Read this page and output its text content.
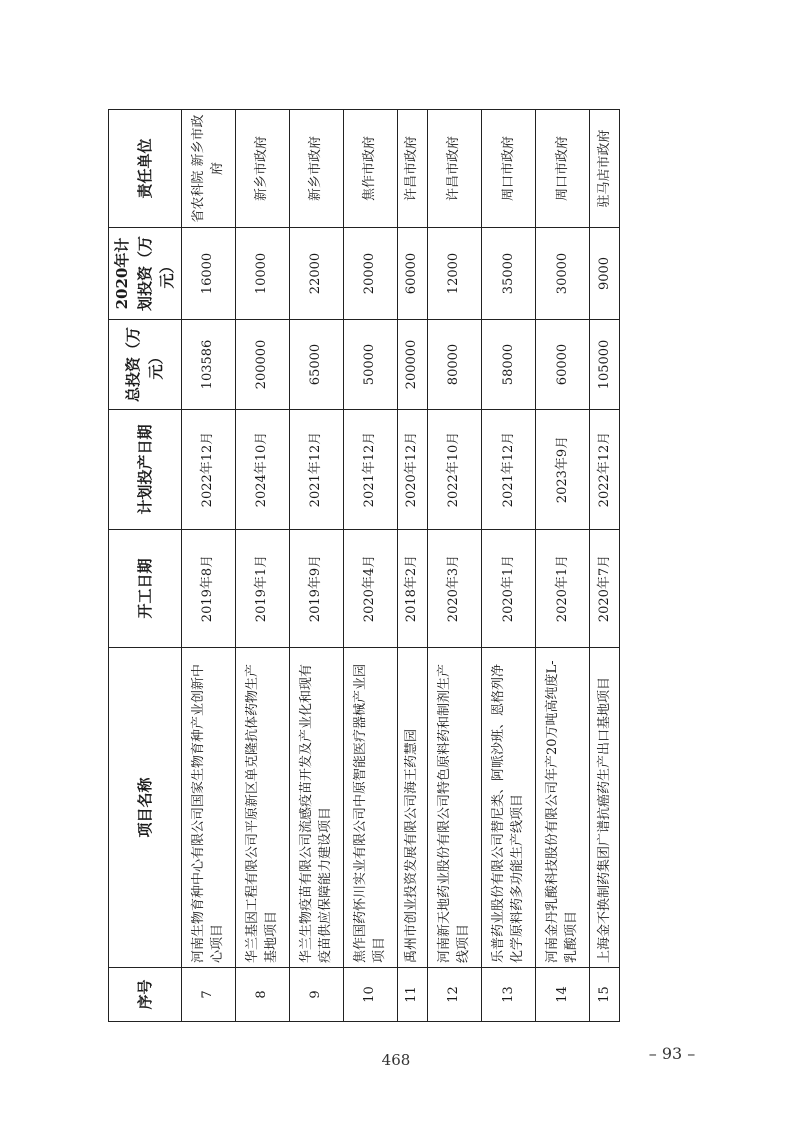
序号	项目名称	开工日期	计划投产日期	总投资（万元）	2020年计划投资（万元）	责任单位
7	河南生物育种中心有限公司国家生物育种产业创新中心项目	2019年8月	2022年12月	103586	16000	省农科院 新乡市政府
8	华兰基因工程有限公司平原新区单克隆抗体药物生产基地项目	2019年1月	2024年10月	200000	10000	新乡市政府
9	华兰生物疫苗有限公司流感疫苗开发及产业化和现有疫苗供应保障能力建设项目	2019年9月	2021年12月	65000	22000	新乡市政府
10	焦作国药怀川实业有限公司中原智能医疗器械产业园项目	2020年4月	2021年12月	50000	20000	焦作市政府
11	禹州市创业投资发展有限公司海王药慧园	2018年2月	2020年12月	200000	60000	许昌市政府
12	河南新天地药业股份有限公司特色原料药和制剂生产线项目	2020年3月	2022年10月	80000	12000	许昌市政府
13	乐普药业股份有限公司替尼类、阿哌沙班、恩格列净化学原料药多功能生产线项目	2020年1月	2021年12月	58000	35000	周口市政府
14	河南金丹乳酸科技股份有限公司年产20万吨高纯度L-乳酸项目	2020年1月	2023年9月	60000	30000	周口市政府
15	上海金不换制药集团广谱抗癌药生产出口基地项目	2020年7月	2022年12月	105000	9000	驻马店市政府
468	– 93 –
